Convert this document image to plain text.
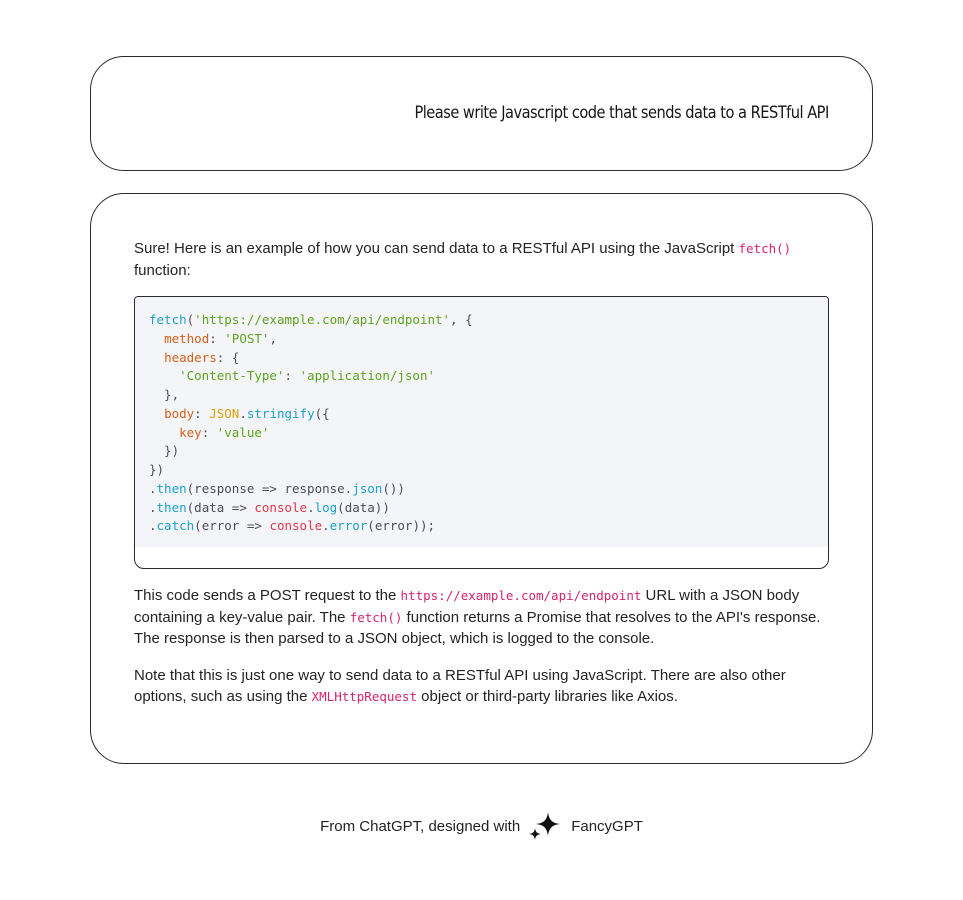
Please write Javascript code that sends data to a RESTful API

Sure! Here is an example of how you can send data to a RESTful API using the JavaScript fetch() function:

fetch('https://example.com/api/endpoint', {
method: 'POST',
headers: {
'Content-Type': 'application/json'
},
body: JSON.stringify({
key: 'value'
})
})
.then(response => response.json())
.then(data => console.log(data))
.catch(error => console.error(error));

This code sends a POST request to the https://example.com/api/endpoint URL with a JSON body containing a key-value pair. The fetch() function returns a Promise that resolves to the API's response. The response is then parsed to a JSON object, which is logged to the console.

Note that this is just one way to send data to a RESTful API using JavaScript. There are also other options, such as using the XMLHttpRequest object or third-party libraries like Axios.

From ChatGPT, designed with	FancyGPT
